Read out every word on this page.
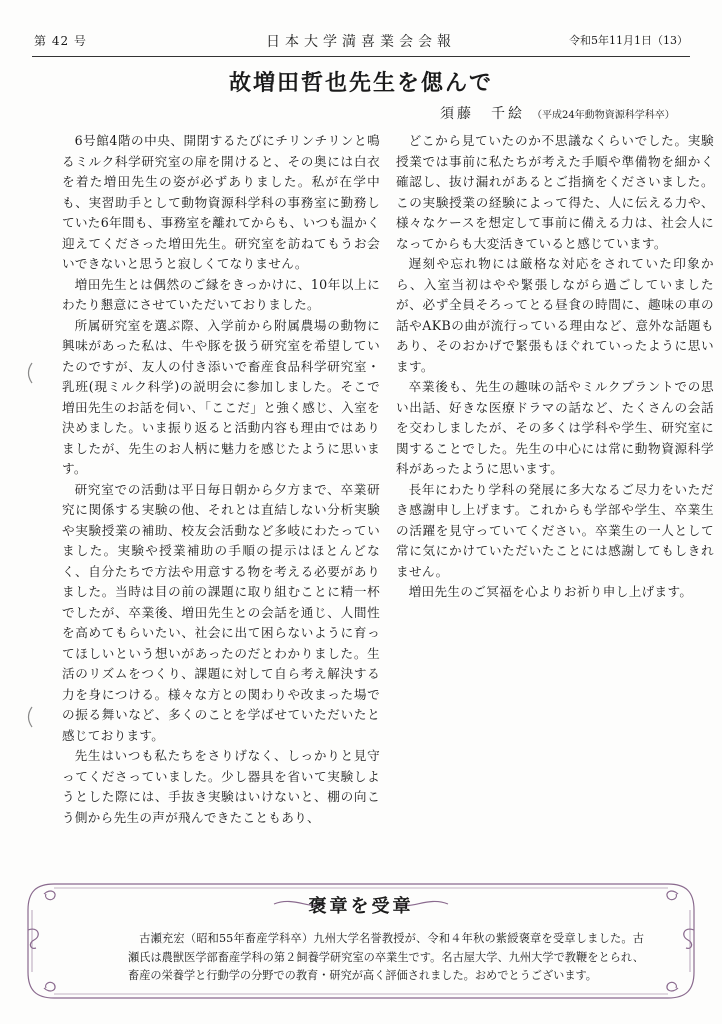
第 42 号	日本大学満喜業会会報	令和5年11月1日（13）
故増田哲也先生を偲んで
須藤　千絵 （平成24年動物資源科学科卒）

6号館4階の中央、開閉するたびにチリンチリンと鳴るミルク科学研究室の扉を開けると、その奥には白衣を着た増田先生の姿が必ずありました。私が在学中も、実習助手として動物資源科学科の事務室に勤務していた6年間も、事務室を離れてからも、いつも温かく迎えてくださった増田先生。研究室を訪ねてもうお会いできないと思うと寂しくてなりません。

増田先生とは偶然のご縁をきっかけに、10年以上にわたり懇意にさせていただいておりました。

所属研究室を選ぶ際、入学前から附属農場の動物に興味があった私は、牛や豚を扱う研究室を希望していたのですが、友人の付き添いで畜産食品科学研究室・乳班(現ミルク科学)の説明会に参加しました。そこで増田先生のお話を伺い､「ここだ」と強く感じ、入室を決めました。いま振り返ると活動内容も理由ではありましたが、先生のお人柄に魅力を感じたように思います。

研究室での活動は平日毎日朝から夕方まで、卒業研究に関係する実験の他、それとは直結しない分析実験や実験授業の補助、校友会活動など多岐にわたっていました。実験や授業補助の手順の提示はほとんどなく、自分たちで方法や用意する物を考える必要がありました。当時は目の前の課題に取り組むことに精一杯でしたが、卒業後、増田先生との会話を通じ、人間性を高めてもらいたい、社会に出て困らないように育ってほしいという想いがあったのだとわかりました。生活のリズムをつくり、課題に対して自ら考え解決する力を身につける。様々な方との関わりや改まった場での振る舞いなど、多くのことを学ばせていただいたと感じております。

先生はいつも私たちをさりげなく、しっかりと見守ってくださっていました。少し器具を省いて実験しようとした際には、手抜き実験はいけないと、棚の向こう側から先生の声が飛んできたこともあり、

どこから見ていたのか不思議なくらいでした。実験授業では事前に私たちが考えた手順や準備物を細かく確認し、抜け漏れがあるとご指摘をくださいました。この実験授業の経験によって得た、人に伝える力や、様々なケースを想定して事前に備える力は、社会人になってからも大変活きていると感じています。

遅刻や忘れ物には厳格な対応をされていた印象から、入室当初はやや緊張しながら過ごしていましたが、必ず全員そろってとる昼食の時間に、趣味の車の話やAKBの曲が流行っている理由など、意外な話題もあり、そのおかげで緊張もほぐれていったように思います。

卒業後も、先生の趣味の話やミルクプラントでの思い出話、好きな医療ドラマの話など、たくさんの会話を交わしましたが、その多くは学科や学生、研究室に関することでした。先生の中心には常に動物資源科学科があったように思います。

長年にわたり学科の発展に多大なるご尽力をいただき感謝申し上げます。これからも学部や学生、卒業生の活躍を見守っていてください。卒業生の一人として常に気にかけていただいたことには感謝してもしきれません。

増田先生のご冥福を心よりお祈り申し上げます。

褒章を受章

古瀬充宏（昭和55年畜産学科卒）九州大学名誉教授が、令和４年秋の紫綬褒章を受章しました。古瀬氏は農獣医学部畜産学科の第２飼養学研究室の卒業生です。名古屋大学、九州大学で教鞭をとられ、畜産の栄養学と行動学の分野での教育・研究が高く評価されました。おめでとうございます。
